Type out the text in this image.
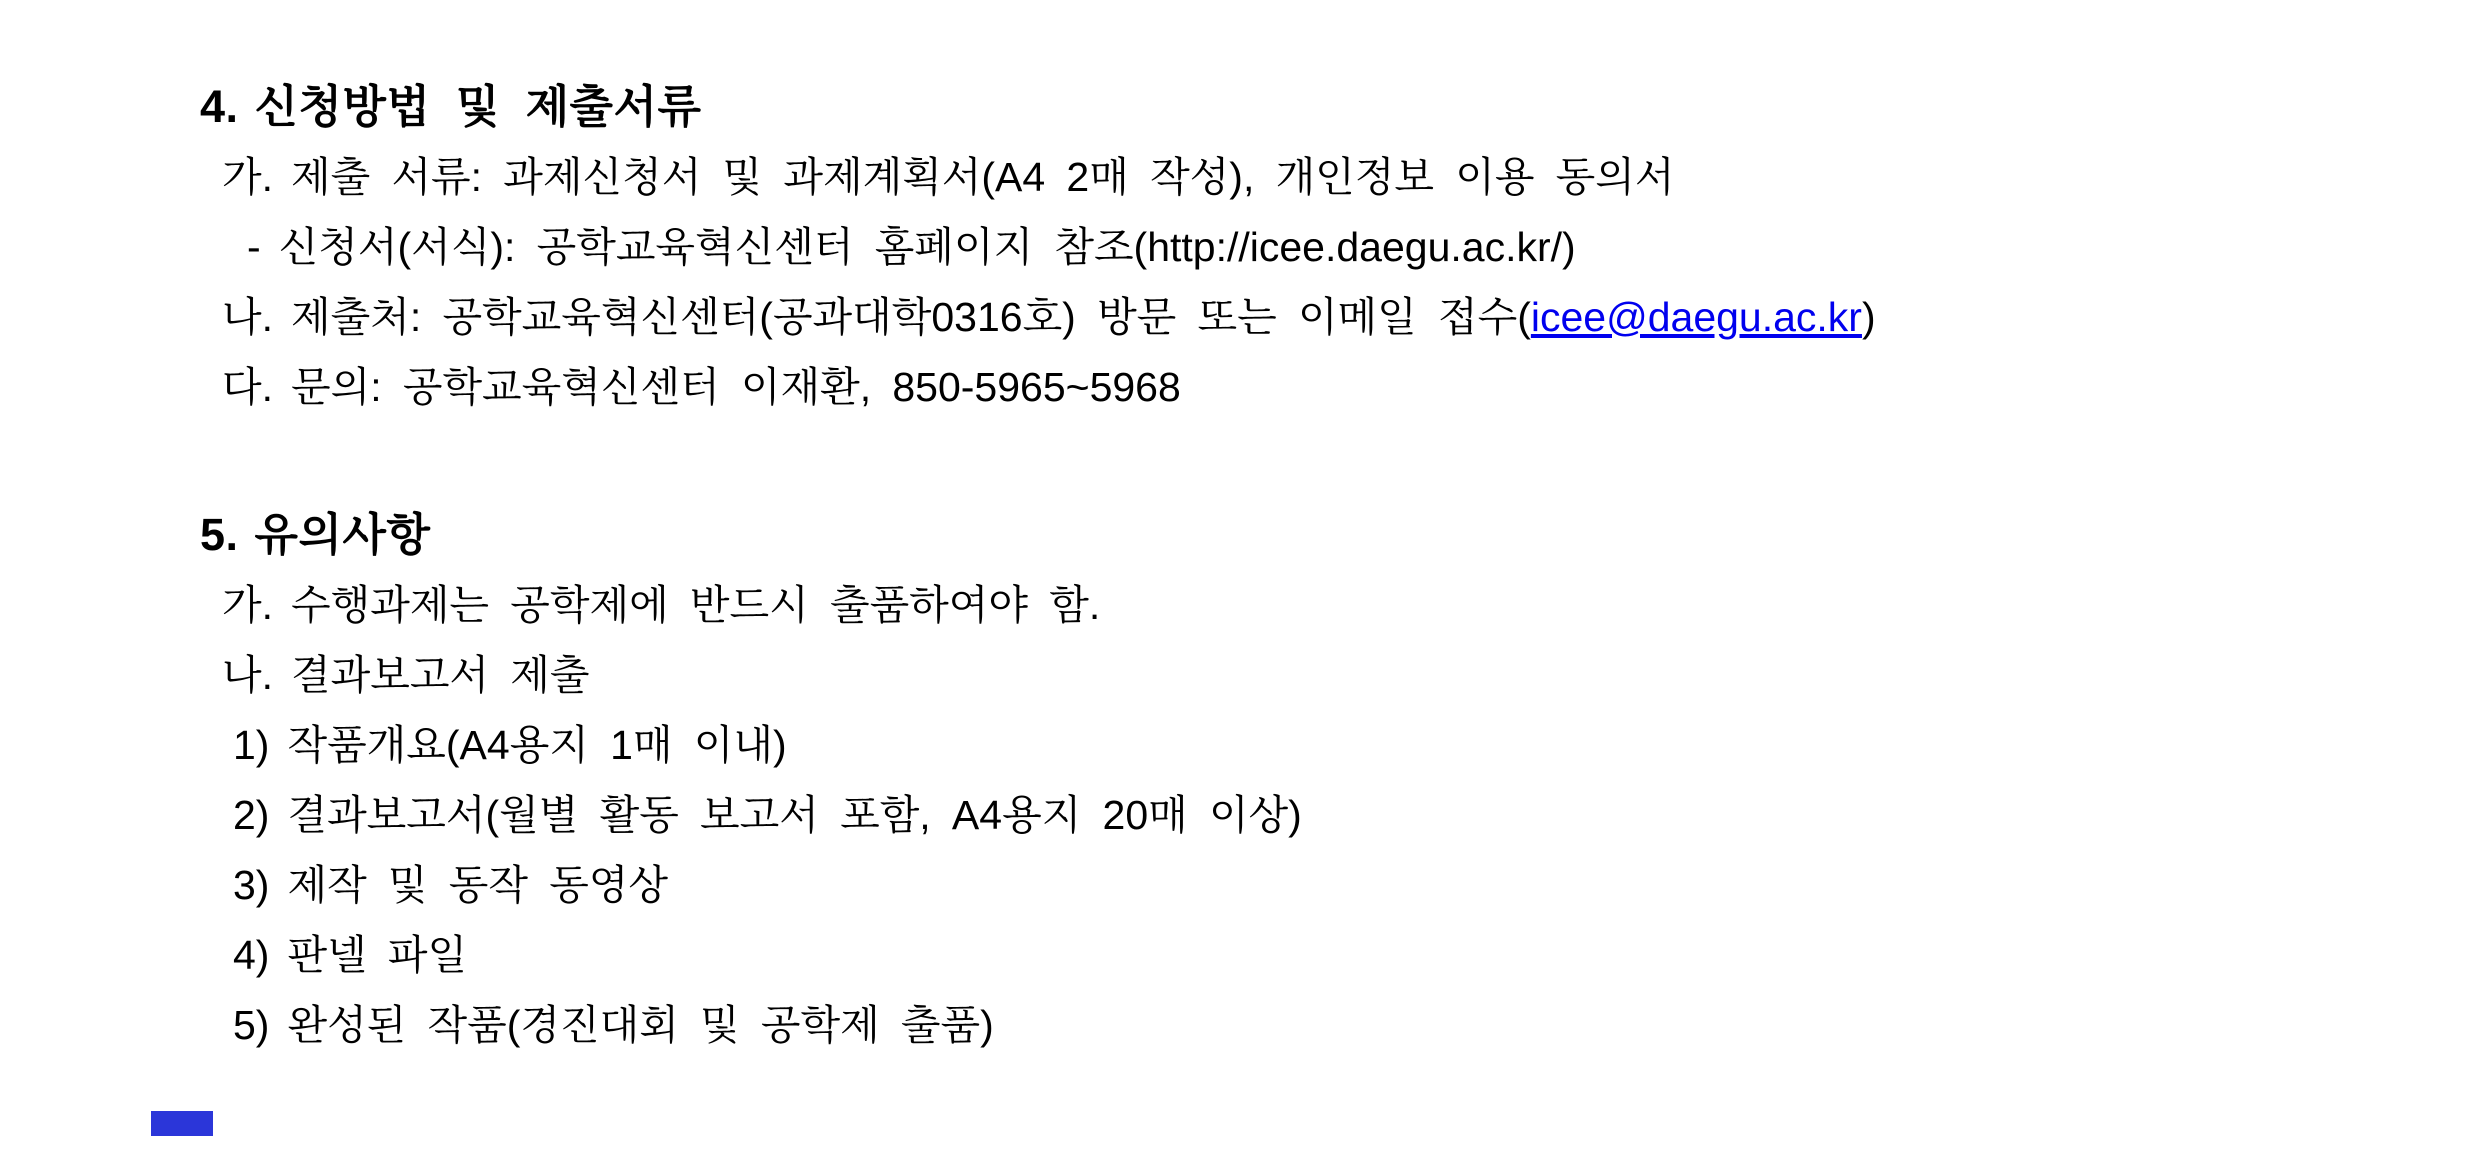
4. 신청방법 및 제출서류
가. 제출 서류: 과제신청서 및 과제계획서(A4 2매 작성), 개인정보 이용 동의서
- 신청서(서식): 공학교육혁신센터 홈페이지 참조(http://icee.daegu.ac.kr/)
나. 제출처: 공학교육혁신센터(공과대학0316호) 방문 또는 이메일 접수(icee@daegu.ac.kr)
다. 문의: 공학교육혁신센터 이재환, 850-5965~5968
5. 유의사항
가. 수행과제는 공학제에 반드시 출품하여야 함.
나. 결과보고서 제출
1) 작품개요(A4용지 1매 이내)
2) 결과보고서(월별 활동 보고서 포함, A4용지 20매 이상)
3) 제작 및 동작 동영상
4) 판넬 파일
5) 완성된 작품(경진대회 및 공학제 출품)
